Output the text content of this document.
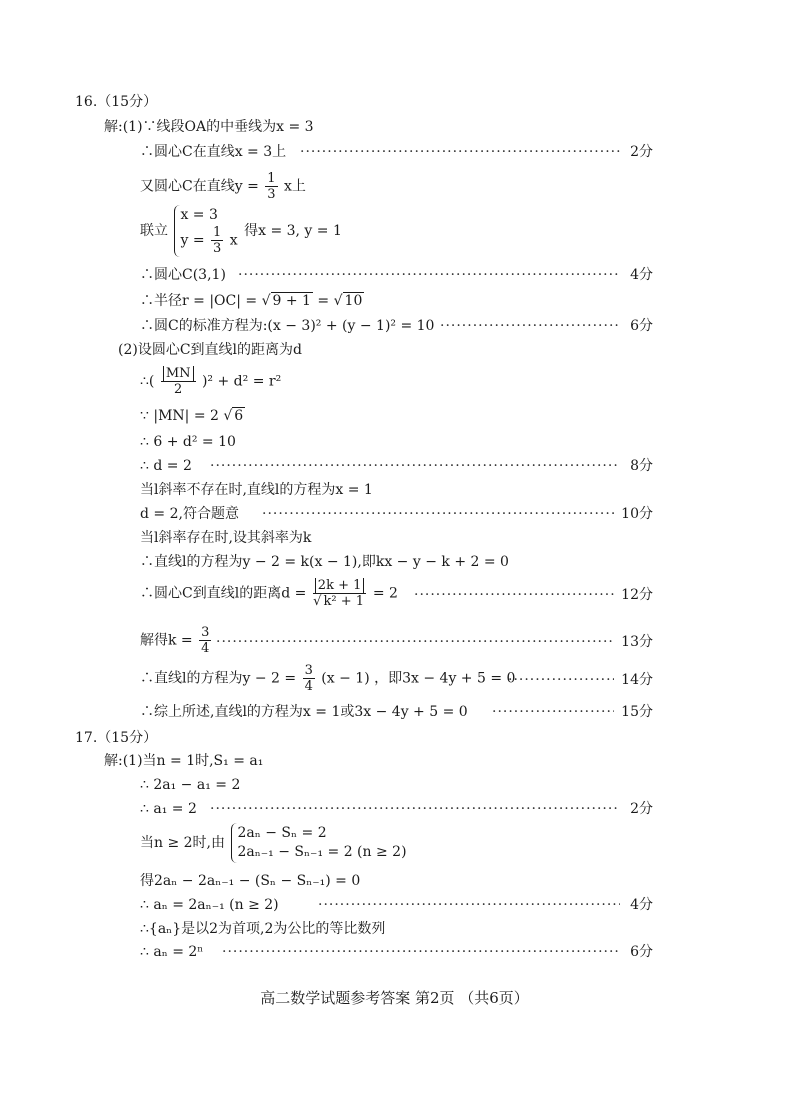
16.（15分）
解:(1)∵线段OA的中垂线为x = 3
∴圆心C在直线x = 3上 ·····	2分
又圆心C在直线$y = \frac{1}{3}$ x上
联立
x = 3
$y = \frac{1}{3}$ x
得x = 3, y = 1
∴圆心C(3,1) ·····	4分
∴半径r = |OC| = √ 9 + 1 = √ 10
∴圆C的标准方程为:(x − 3)² + (y − 1)² = 10 ·····	6分
(2)设圆心C到直线l的距离为d
∴( $\frac{MN}{2} )^2 + d^2 = r^2$
∵ |MN| = 2 √ 6
∴ 6 + d² = 10
∴ d = 2 ·····	8分
当l斜率不存在时,直线l的方程为x = 1
d = 2,符合题意 ·····	10分
当l斜率存在时,设其斜率为k
∴直线l的方程为y − 2 = k(x − 1),即kx − y − k + 2 = 0
∴圆心C到直线l的距离$d = \frac{2k + 1}{\text{√ k² + 1}} = 2$ ·····	12分
解得$k = \frac{3}{4}$ ·····	13分
∴直线l的方程为$y - 2 = \frac{3}{4} (x - 1)$ ，即3x − 4y + 5 = 0 ·····	14分
∴综上所述,直线l的方程为x = 1或3x − 4y + 5 = 0 ·····	15分
17.（15分）
解:(1)当n = 1时,S₁ = a₁
∴ 2a₁ − a₁ = 2
∴ a₁ = 2 ·····	2分
当n ≥ 2时,由
2aₙ − Sₙ = 2
2aₙ₋₁ − Sₙ₋₁ = 2 (n ≥ 2)
得2aₙ − 2aₙ₋₁ − (Sₙ − Sₙ₋₁) = 0
∴ aₙ = 2aₙ₋₁ (n ≥ 2) ·····	4分
∴{aₙ}是以2为首项,2为公比的等比数列
∴ aₙ = 2ⁿ ·····	6分
高二数学试题参考答案 第2页 （共6页）
